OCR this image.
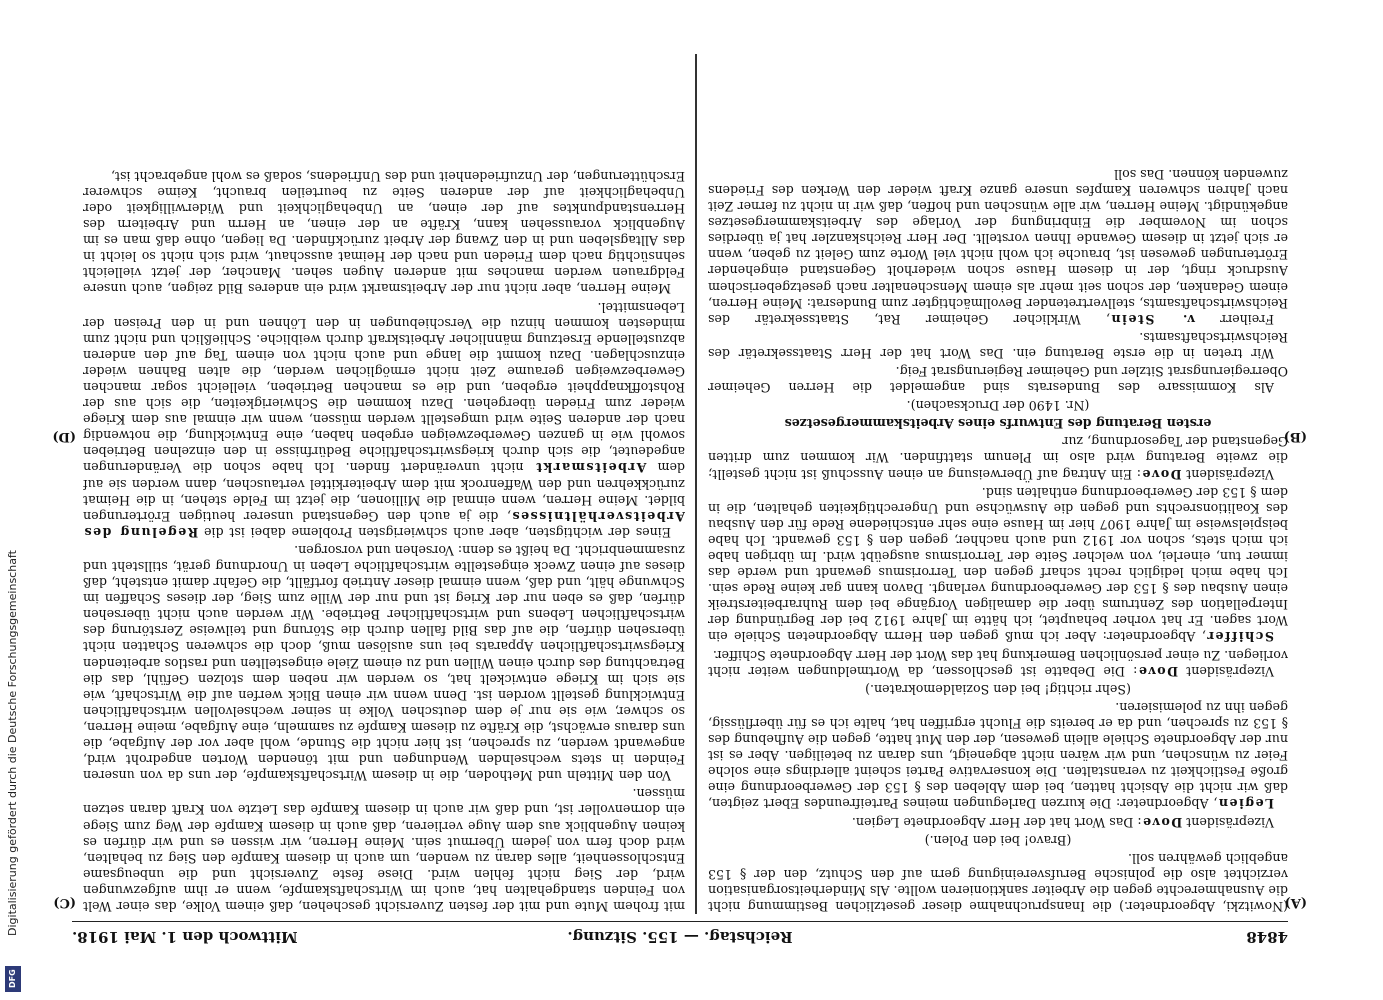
4848
Reichstag. — 155. Sitzung.
Mittwoch den 1. Mai 1918.
(A)
(B)
(C)
(D)

(Nowitzki, Abgeordneter.) die Inanspruchnahme dieser gesetzlichen Bestimmung nicht die Ausnahmerechte gegen die Arbeiter sanktionieren wollte. Als Minderheitsorganisation verzichtet also die polnische Berufsvereinigung gern auf den Schutz, den der § 153 angeblich gewähren soll.

(Bravo! bei den Polen.)

Vizepräsident Dove: Das Wort hat der Herr Abgeordnete Legien.

Legien, Abgeordneter: Die kurzen Darlegungen meines Parteifreundes Ebert zeigten, daß wir nicht die Absicht hatten, bei dem Ableben des § 153 der Gewerbeordnung eine große Festlichkeit zu veranstalten. Die konservative Partei scheint allerdings eine solche Feier zu wünschen, und wir wären nicht abgeneigt, uns daran zu beteiligen. Aber es ist nur der Abgeordnete Schiele allein gewesen, der den Mut hatte, gegen die Aufhebung des § 153 zu sprechen, und da er bereits die Flucht ergriffen hat, halte ich es für überflüssig, gegen ihn zu polemisieren.

(Sehr richtig! bei den Sozialdemokraten.)

Vizepräsident Dove: Die Debatte ist geschlossen, da Wortmeldungen weiter nicht vorliegen. Zu einer persönlichen Bemerkung hat das Wort der Herr Abgeordnete Schiffer.

Schiffer, Abgeordneter: Aber ich muß gegen den Herrn Abgeordneten Schiele ein Wort sagen. Er hat vorher behauptet, ich hätte im Jahre 1912 bei der Begründung der Interpellation des Zentrums über die damaligen Vorgänge bei dem Ruhrarbeiterstreik einen Ausbau des § 153 der Gewerbeordnung verlangt. Davon kann gar keine Rede sein. Ich habe mich lediglich recht scharf gegen den Terrorismus gewandt und werde das immer tun, einerlei, von welcher Seite der Terrorismus ausgeübt wird. Im übrigen habe ich mich stets, schon vor 1912 und auch nachher, gegen den § 153 gewandt. Ich habe beispielsweise im Jahre 1907 hier im Hause eine sehr entschiedene Rede für den Ausbau des Koalitionsrechts und gegen die Auswüchse und Ungerechtigkeiten gehalten, die in dem § 153 der Gewerbeordnung enthalten sind.

Vizepräsident Dove: Ein Antrag auf Überweisung an einen Ausschuß ist nicht gestellt; die zweite Beratung wird also im Plenum stattfinden. Wir kommen zum dritten Gegenstand der Tagesordnung, zur

ersten Beratung des Entwurfs eines Arbeitskammergesetzes

(Nr. 1490 der Drucksachen).

Als Kommissare des Bundesrats sind angemeldet die Herren Geheimer Oberregierungsrat Sitzler und Geheimer Regierungsrat Feig.

Wir treten in die erste Beratung ein. Das Wort hat der Herr Staatssekretär des Reichswirtschaftsamts.

Freiherr v. Stein, Wirklicher Geheimer Rat, Staatssekretär des Reichswirtschaftsamts, stellvertretender Bevollmächtigter zum Bundesrat: Meine Herren, einem Gedanken, der schon seit mehr als einem Menschenalter nach gesetzgeberischem Ausdruck ringt, der in diesem Hause schon wiederholt Gegenstand eingehender Erörterungen gewesen ist, brauche ich wohl nicht viel Worte zum Geleit zu geben, wenn er sich jetzt in diesem Gewande Ihnen vorstellt. Der Herr Reichskanzler hat ja überdies schon im November die Einbringung der Vorlage des Arbeitskammergesetzes angekündigt. Meine Herren, wir alle wünschen und hoffen, daß wir in nicht zu ferner Zeit nach Jahren schweren Kampfes unsere ganze Kraft wieder den Werken des Friedens zuwenden können. Das soll

mit frohem Mute und mit der festen Zuversicht geschehen, daß einem Volke, das einer Welt von Feinden standgehalten hat, auch im Wirtschaftskampfe, wenn er ihm aufgezwungen wird, der Sieg nicht fehlen wird. Diese feste Zuversicht und die unbeugsame Entschlossenheit, alles daran zu wenden, um auch in diesem Kampfe den Sieg zu behalten, wird doch fern von jedem Übermut sein. Meine Herren, wir wissen es und wir dürfen es keinen Augenblick aus dem Auge verlieren, daß auch in diesem Kampfe der Weg zum Siege ein dornenvoller ist, und daß wir auch in diesem Kampfe das Letzte von Kraft daran setzen müssen.

Von den Mitteln und Methoden, die in diesem Wirtschaftskampfe, der uns da von unseren Feinden in stets wechselnden Wendungen und mit tönenden Worten angedroht wird, angewandt werden, zu sprechen, ist hier nicht die Stunde, wohl aber vor der Aufgabe, die uns daraus erwächst, die Kräfte zu diesem Kampfe zu sammeln, eine Aufgabe, meine Herren, so schwer, wie sie nur je dem deutschen Volke in seiner wechselvollen wirtschaftlichen Entwicklung gestellt worden ist. Denn wenn wir einen Blick werfen auf die Wirtschaft, wie sie sich im Kriege entwickelt hat, so werden wir neben dem stolzen Gefühl, das die Betrachtung des durch einen Willen und zu einem Ziele eingestellten und rastlos arbeitenden Kriegswirtschaftlichen Apparats bei uns auslösen muß, doch die schweren Schatten nicht übersehen dürfen, die auf das Bild fallen durch die Störung und teilweise Zerstörung des wirtschaftlichen Lebens und wirtschaftlicher Betriebe. Wir werden auch nicht übersehen dürfen, daß es eben nur der Krieg ist und nur der Wille zum Sieg, der dieses Schaffen im Schwunge hält, und daß, wenn einmal dieser Antrieb fortfällt, die Gefahr damit entsteht, daß dieses auf einen Zweck eingestellte wirtschaftliche Leben in Unordnung gerät, stillsteht und zusammenbricht. Da heißt es denn: Vorsehen und vorsorgen.

Eines der wichtigsten, aber auch schwierigsten Probleme dabei ist die Regelung des Arbeitsverhältnisses, die ja auch den Gegenstand unserer heutigen Erörterungen bildet. Meine Herren, wenn einmal die Millionen, die jetzt im Felde stehen, in die Heimat zurückkehren und den Waffenrock mit dem Arbeiterkittel vertauschen, dann werden sie auf dem Arbeitsmarkt nicht unverändert finden. Ich habe schon die Veränderungen angedeutet, die sich durch kriegswirtschaftliche Bedürfnisse in den einzelnen Betrieben sowohl wie in ganzen Gewerbezweigen ergeben haben, eine Entwicklung, die notwendig nach der anderen Seite wird umgestellt werden müssen, wenn wir einmal aus dem Kriege wieder zum Frieden übergehen. Dazu kommen die Schwierigkeiten, die sich aus der Rohstoffknappheit ergeben, und die es manchen Betrieben, vielleicht sogar manchen Gewerbezweigen geraume Zeit nicht ermöglichen werden, die alten Bahnen wieder einzuschlagen. Dazu kommt die lange und auch nicht von einem Tag auf den anderen abzustellende Ersetzung männlicher Arbeitskraft durch weibliche. Schließlich und nicht zum mindesten kommen hinzu die Verschiebungen in den Löhnen und in den Preisen der Lebensmittel.

Meine Herren, aber nicht nur der Arbeitsmarkt wird ein anderes Bild zeigen, auch unsere Feldgrauen werden manches mit anderen Augen sehen. Mancher, der jetzt vielleicht sehnsüchtig nach dem Frieden und nach der Heimat ausschaut, wird sich nicht so leicht in das Alltagsleben und in den Zwang der Arbeit zurückfinden. Da liegen, ohne daß man es im Augenblick voraussehen kann, Kräfte an der einen, an Herrn und Arbeitern des Herrenstandpunktes auf der einen, an Unbehaglichkeit und Widerwilligkeit oder Unbehaglichkeit auf der anderen Seite zu beurteilen braucht, Keime schwerer Erschütterungen, der Unzufriedenheit und des Unfriedens, sodaß es wohl angebracht ist,

Digitalisierung gefördert durch die Deutsche Forschungsgemeinschaft
DFG
